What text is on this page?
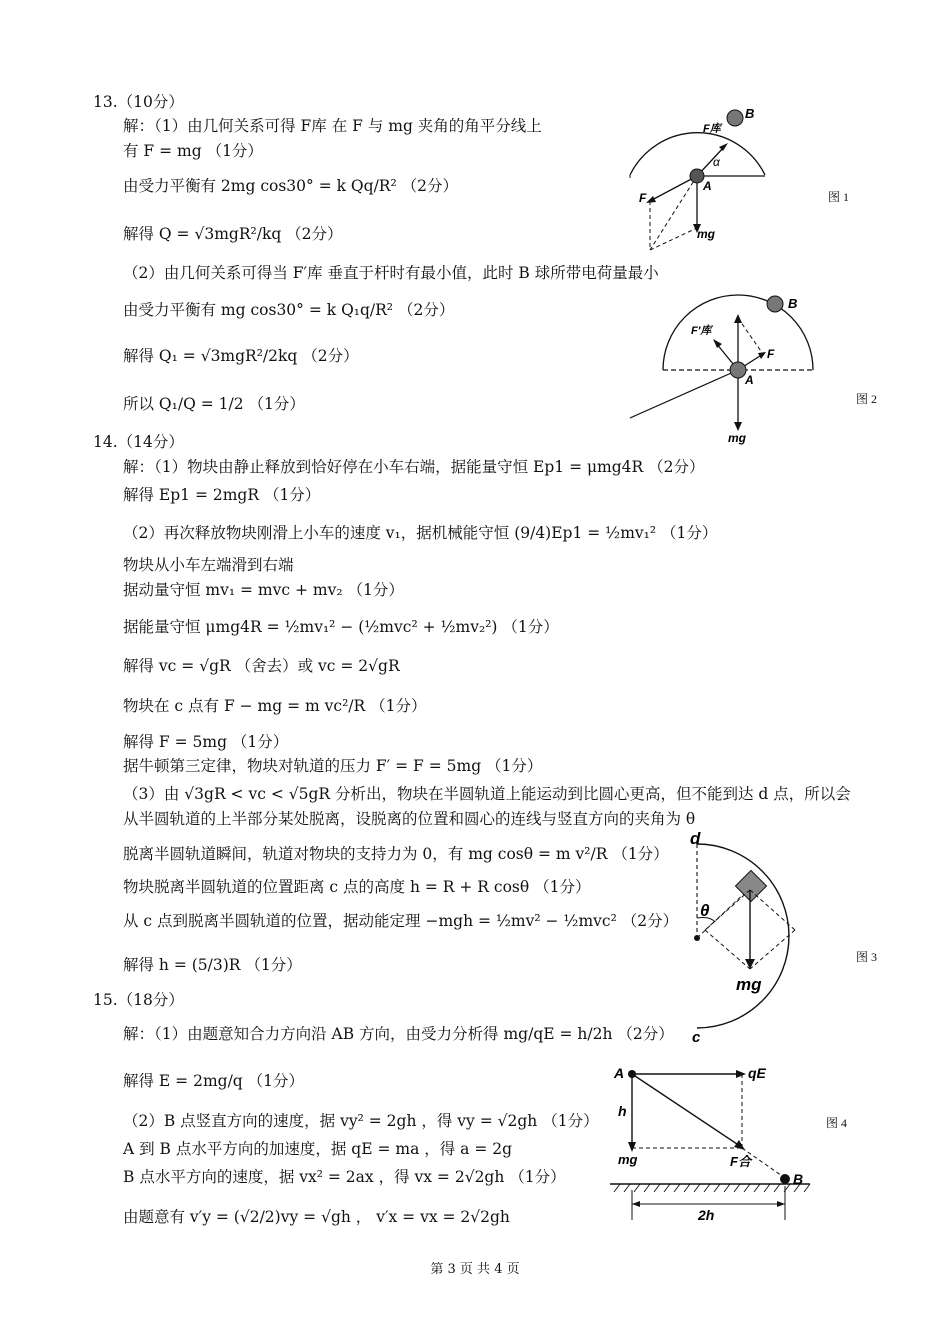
13.（10分）
解：（1）由几何关系可得 F库 在 F 与 mg 夹角的角平分线上
有 F = mg （1分）
由受力平衡有 2mg cos30° = k Qq/R² （2分）
解得 Q = √3mgR²/kq （2分）
（2）由几何关系可得当 F′库 垂直于杆时有最小值，此时 B 球所带电荷量最小
由受力平衡有 mg cos30° = k Q₁q/R² （2分）
解得 Q₁ = √3mgR²/2kq （2分）
所以 Q₁/Q = 1/2 （1分）
14.（14分）
解：（1）物块由静止释放到恰好停在小车右端，据能量守恒 Ep1 = μmg4R （2分）
解得 Ep1 = 2mgR （1分）
（2）再次释放物块刚滑上小车的速度 v₁，据机械能守恒 (9/4)Ep1 = ½mv₁² （1分）
物块从小车左端滑到右端
据动量守恒 mv₁ = mvc + mv₂ （1分）
据能量守恒 μmg4R = ½mv₁² − (½mvc² + ½mv₂²) （1分）
解得 vc = √gR （舍去）或 vc = 2√gR
物块在 c 点有 F − mg = m vc²/R （1分）
解得 F = 5mg （1分）
据牛顿第三定律，物块对轨道的压力 F′ = F = 5mg （1分）
（3）由 √3gR < vc < √5gR 分析出，物块在半圆轨道上能运动到比圆心更高，但不能到达 d 点，所以会
从半圆轨道的上半部分某处脱离，设脱离的位置和圆心的连线与竖直方向的夹角为 θ
脱离半圆轨道瞬间，轨道对物块的支持力为 0，有 mg cosθ = m v²/R （1分）
物块脱离半圆轨道的位置距离 c 点的高度 h = R + R cosθ （1分）
从 c 点到脱离半圆轨道的位置，据动能定理 −mgh = ½mv² − ½mvc² （2分）
解得 h = (5/3)R （1分）
15.（18分）
解：（1）由题意知合力方向沿 AB 方向，由受力分析得 mg/qE = h/2h （2分）
解得 E = 2mg/q （1分）
（2）B 点竖直方向的速度，据 vy² = 2gh ，得 vy = √2gh （1分）
A 到 B 点水平方向的加速度，据 qE = ma ，得 a = 2g
B 点水平方向的速度，据 vx² = 2ax ，得 vx = 2√2gh （1分）
由题意有 v′y = (√2/2)vy = √gh ， v′x = vx = 2√2gh
B
A
α
F库
F
mg
图 1
B
A
F′库
F
mg
图 2
d
c
θ
mg
图 3
A
B
qE
h
mg	F合
2h
图 4
第 3 页 共 4 页
